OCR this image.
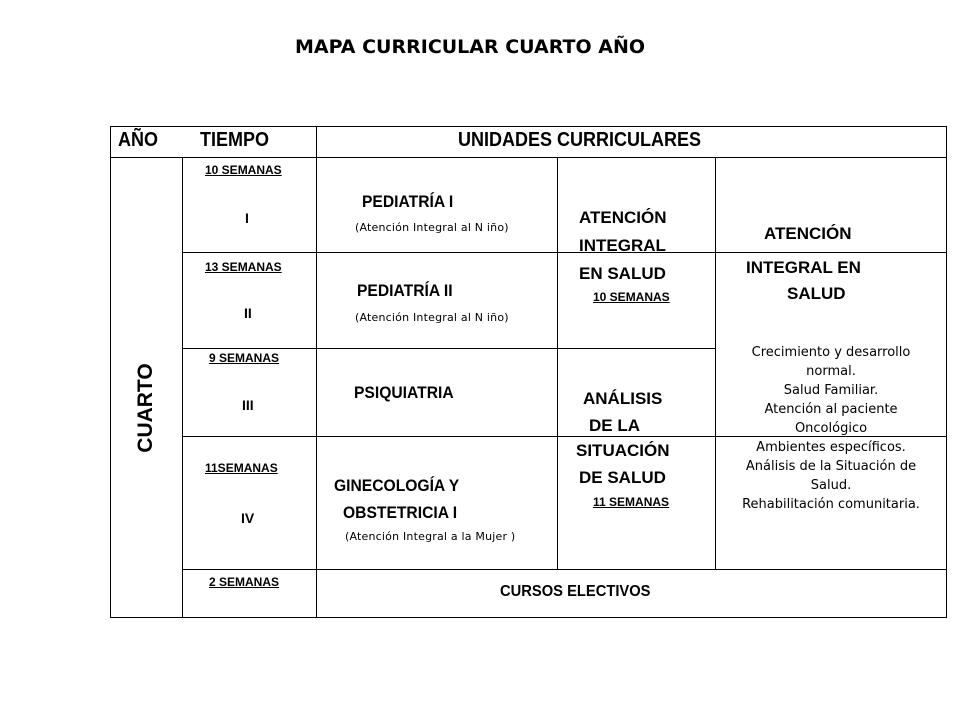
MAPA CURRICULAR CUARTO AÑO
AÑO TIEMPO	UNIDADES CURRICULARES
CUARTO
10 SEMANAS
I
13 SEMANAS
II
9 SEMANAS
III
11SEMANAS
IV
2 SEMANAS
PEDIATRÍA I
(Atención Integral al N iño)
PEDIATRÍA II
(Atención Integral al N iño)
PSIQUIATRIA
GINECOLOGÍA Y
OBSTETRICIA I
(Atención Integral a la Mujer )
ATENCIÓN
INTEGRAL
EN SALUD
10 SEMANAS
ANÁLISIS
DE LA
SITUACIÓN
DE SALUD
11 SEMANAS
ATENCIÓN
INTEGRAL EN
SALUD
Crecimiento y desarrollo
normal.
Salud Familiar.
Atención al paciente
Oncológico
Ambientes específicos.
Análisis de la Situación de
Salud.
Rehabilitación comunitaria.
CURSOS ELECTIVOS
